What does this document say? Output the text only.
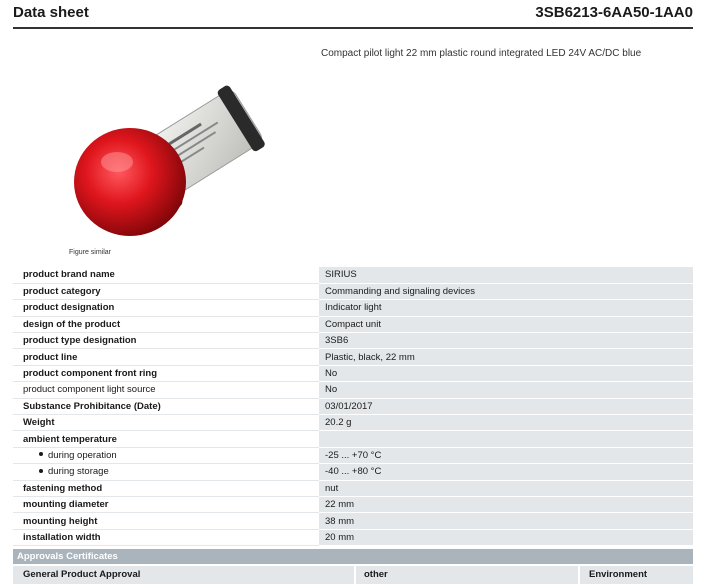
Data sheet	3SB6213-6AA50-1AA0
Compact pilot light 22 mm plastic round integrated LED 24V AC/DC blue
Figure similar
product brand name	SIRIUS
product category	Commanding and signaling devices
product designation	Indicator light
design of the product	Compact unit
product type designation	3SB6
product line	Plastic, black, 22 mm
product component front ring	No
product component light source	No
Substance Prohibitance (Date)	03/01/2017
Weight	20.2 g
ambient temperature	
during operation	-25 ... +70 °C
during storage	-40 ... +80 °C
fastening method	nut
mounting diameter	22 mm
mounting height	38 mm
installation width	20 mm
Approvals Certificates
General Product Approval	other	Environment
